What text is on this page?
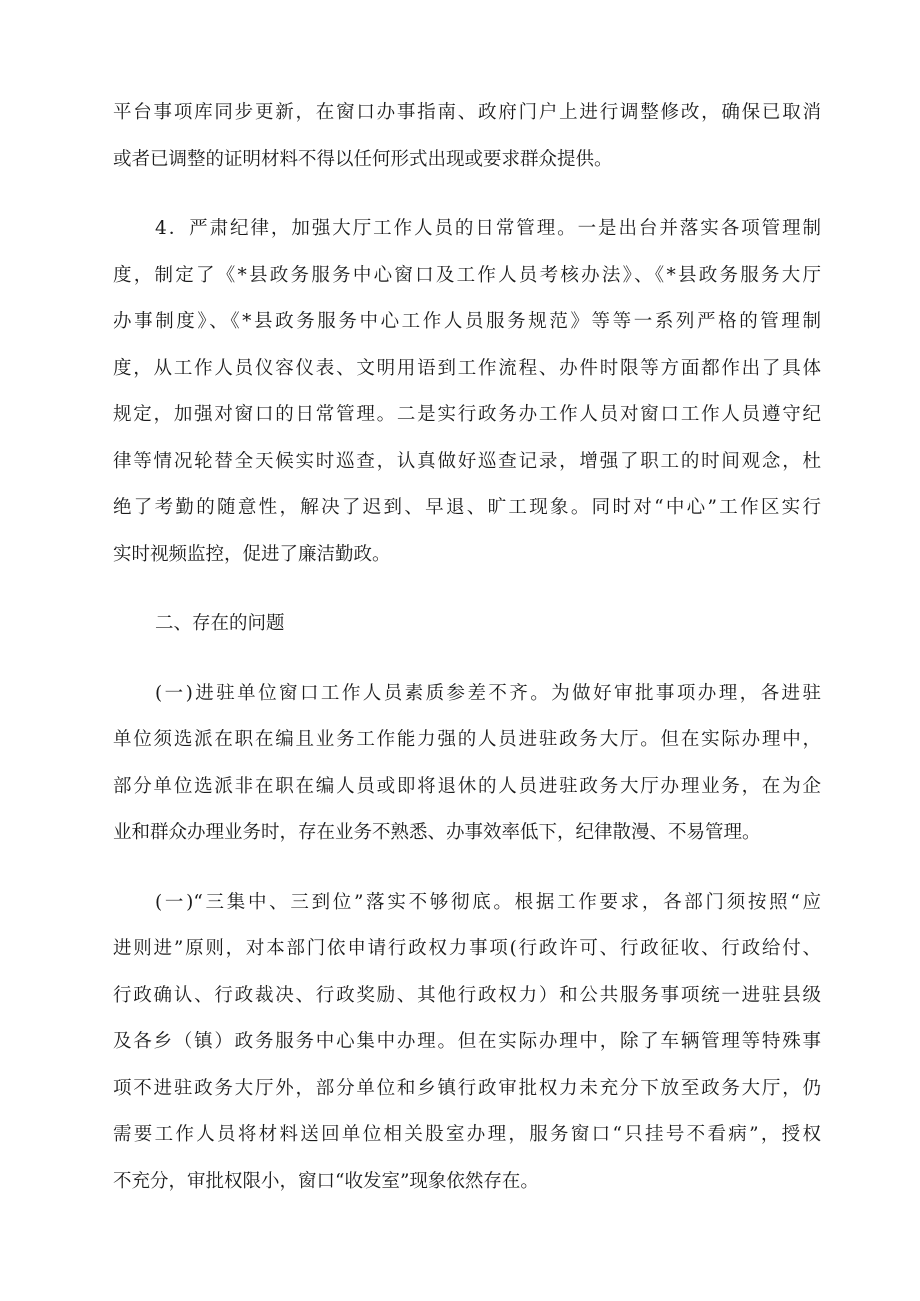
平台事项库同步更新，在窗口办事指南、政府门户上进行调整修改，确保已取消
或者已调整的证明材料不得以任何形式出现或要求群众提供。
4．严肃纪律，加强大厅工作人员的日常管理。一是出台并落实各项管理制
度，制定了《*县政务服务中心窗口及工作人员考核办法》、《*县政务服务大厅
办事制度》、《*县政务服务中心工作人员服务规范》等等一系列严格的管理制
度，从工作人员仪容仪表、文明用语到工作流程、办件时限等方面都作出了具体
规定，加强对窗口的日常管理。二是实行政务办工作人员对窗口工作人员遵守纪
律等情况轮替全天候实时巡查，认真做好巡查记录，增强了职工的时间观念，杜
绝了考勤的随意性，解决了迟到、早退、旷工现象。同时对“中心”工作区实行
实时视频监控，促进了廉洁勤政。
二、存在的问题
(一)进驻单位窗口工作人员素质参差不齐。为做好审批事项办理，各进驻
单位须选派在职在编且业务工作能力强的人员进驻政务大厅。但在实际办理中，
部分单位选派非在职在编人员或即将退休的人员进驻政务大厅办理业务，在为企
业和群众办理业务时，存在业务不熟悉、办事效率低下，纪律散漫、不易管理。
(一)“三集中、三到位”落实不够彻底。根据工作要求，各部门须按照“应
进则进”原则，对本部门依申请行政权力事项(行政许可、行政征收、行政给付、
行政确认、行政裁决、行政奖励、其他行政权力）和公共服务事项统一进驻县级
及各乡（镇）政务服务中心集中办理。但在实际办理中，除了车辆管理等特殊事
项不进驻政务大厅外，部分单位和乡镇行政审批权力未充分下放至政务大厅，仍
需要工作人员将材料送回单位相关股室办理，服务窗口“只挂号不看病”，授权
不充分，审批权限小，窗口“收发室”现象依然存在。
